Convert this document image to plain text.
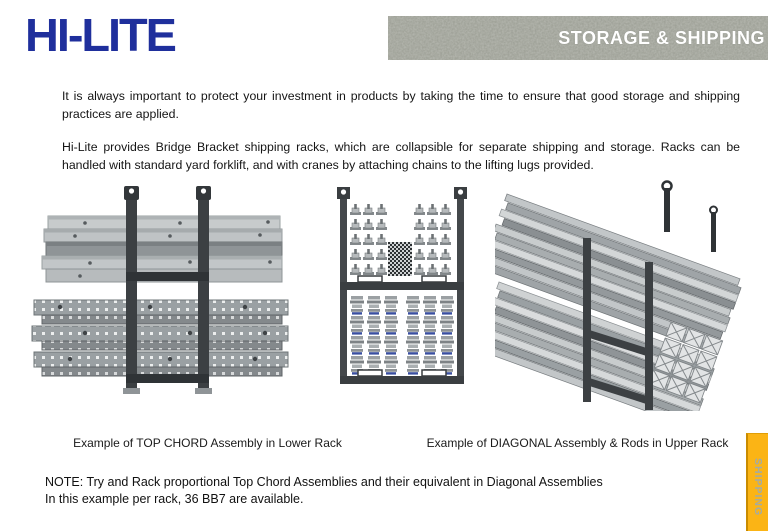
HI-LITE	STORAGE & SHIPPING

It is always important to protect your investment in products by taking the time to ensure that good storage and shipping practices are applied.

Hi-Lite provides Bridge Bracket shipping racks, which are collapsible for separate shipping and storage. Racks can be handled with standard yard forklift, and with cranes by attaching chains to the lifting lugs provided.

Example of TOP CHORD Assembly in Lower Rack	Example of DIAGONAL Assembly & Rods in Upper Rack
NOTE: Try and Rack proportional Top Chord Assemblies and their equivalent in Diagonal Assemblies
In this example per rack, 36 BB7 are available.	SHIPPING
